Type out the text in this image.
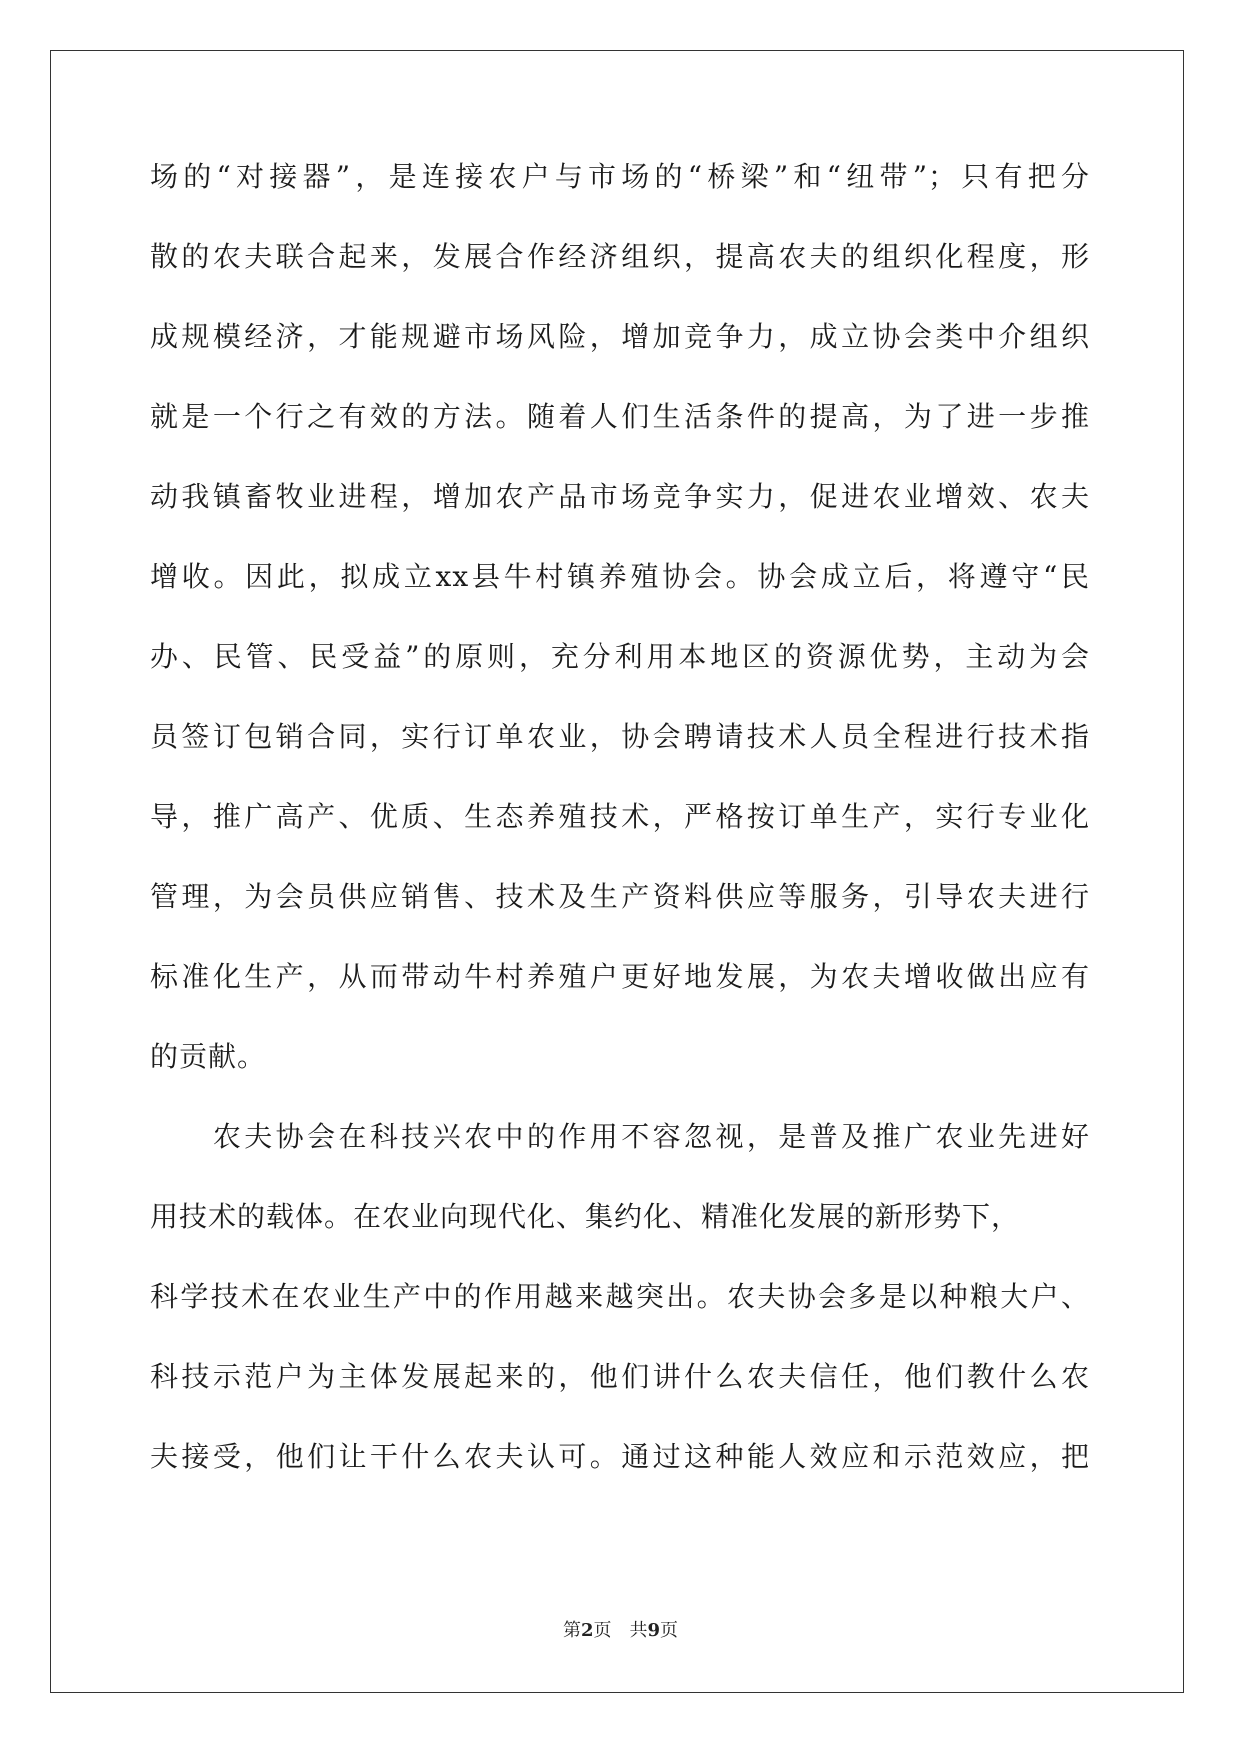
场的“对接器”，是连接农户与市场的“桥梁”和“纽带”；只有把分
散的农夫联合起来，发展合作经济组织，提高农夫的组织化程度，形
成规模经济，才能规避市场风险，增加竞争力，成立协会类中介组织
就是一个行之有效的方法。随着人们生活条件的提高，为了进一步推
动我镇畜牧业进程，增加农产品市场竞争实力，促进农业增效、农夫
增收。因此，拟成立xx县牛村镇养殖协会。协会成立后，将遵守“民
办、民管、民受益”的原则，充分利用本地区的资源优势，主动为会
员签订包销合同，实行订单农业，协会聘请技术人员全程进行技术指
导，推广高产、优质、生态养殖技术，严格按订单生产，实行专业化
管理，为会员供应销售、技术及生产资料供应等服务，引导农夫进行
标准化生产，从而带动牛村养殖户更好地发展，为农夫增收做出应有
的贡献。
　　农夫协会在科技兴农中的作用不容忽视，是普及推广农业先进好
用技术的载体。在农业向现代化、集约化、精准化发展的新形势下，
科学技术在农业生产中的作用越来越突出。农夫协会多是以种粮大户、
科技示范户为主体发展起来的，他们讲什么农夫信任，他们教什么农
夫接受，他们让干什么农夫认可。通过这种能人效应和示范效应，把
第2页　共9页
